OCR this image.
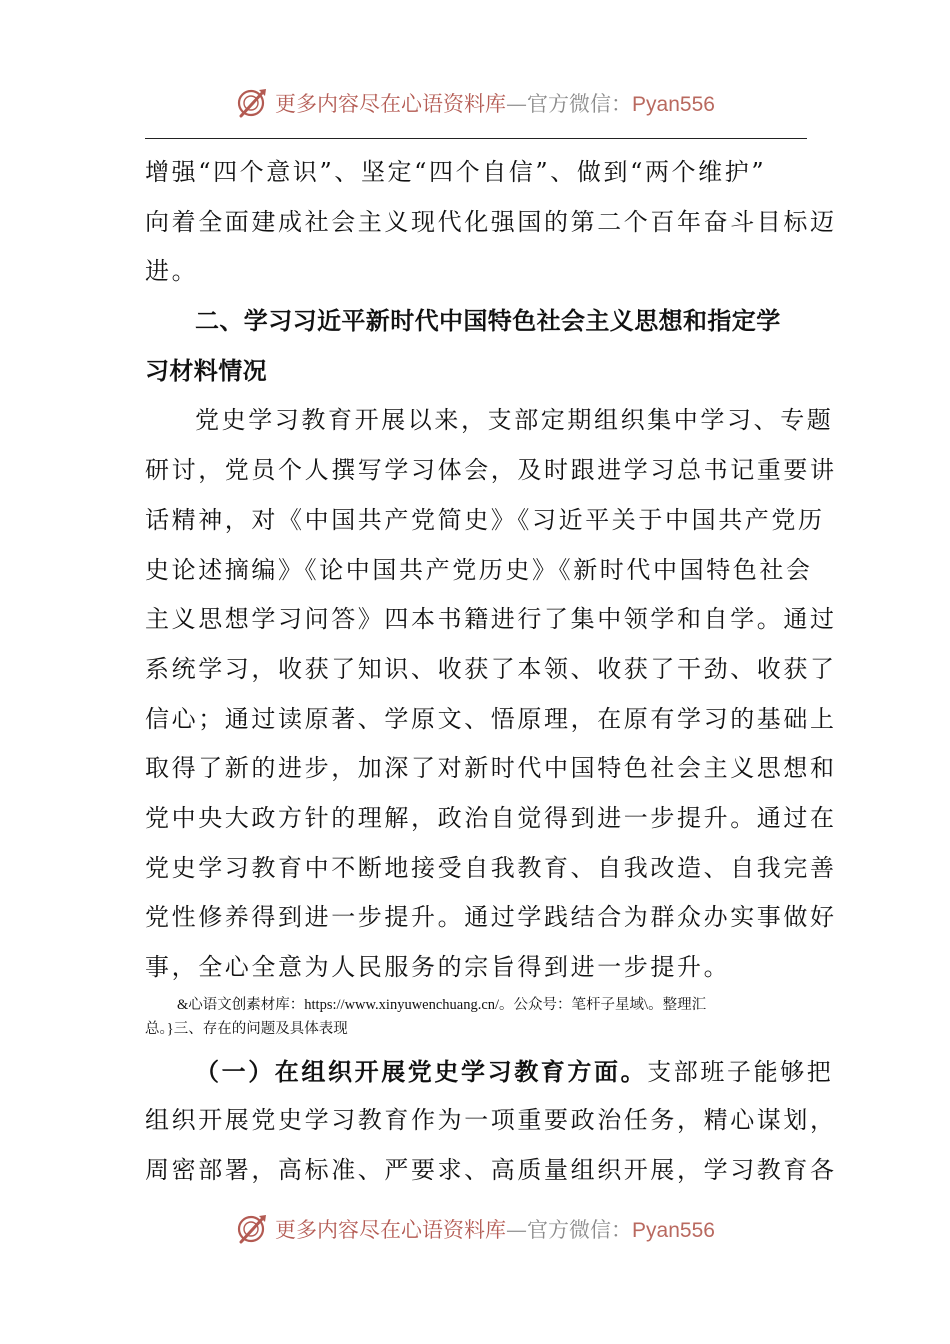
更多内容尽在心语资料库—官方微信：Pyan556
增强“四个意识”、坚定“四个自信”、做到“两个维护”
向着全面建成社会主义现代化强国的第二个百年奋斗目标迈
进。
二、学习习近平新时代中国特色社会主义思想和指定学
习材料情况
党史学习教育开展以来，支部定期组织集中学习、专题
研讨，党员个人撰写学习体会，及时跟进学习总书记重要讲
话精神，对《中国共产党简史》《习近平关于中国共产党历
史论述摘编》《论中国共产党历史》《新时代中国特色社会
主义思想学习问答》四本书籍进行了集中领学和自学。通过
系统学习，收获了知识、收获了本领、收获了干劲、收获了
信心；通过读原著、学原文、悟原理，在原有学习的基础上
取得了新的进步，加深了对新时代中国特色社会主义思想和
党中央大政方针的理解，政治自觉得到进一步提升。通过在
党史学习教育中不断地接受自我教育、自我改造、自我完善
党性修养得到进一步提升。通过学践结合为群众办实事做好
事，全心全意为人民服务的宗旨得到进一步提升。
&心语文创素材库：https://www.xinyuwenchuang.cn/。公众号：笔杆子星域\。整理汇
总。}三、存在的问题及具体表现
（一）在组织开展党史学习教育方面。支部班子能够把
组织开展党史学习教育作为一项重要政治任务，精心谋划，
周密部署，高标准、严要求、高质量组织开展，学习教育各
更多内容尽在心语资料库—官方微信：Pyan556
